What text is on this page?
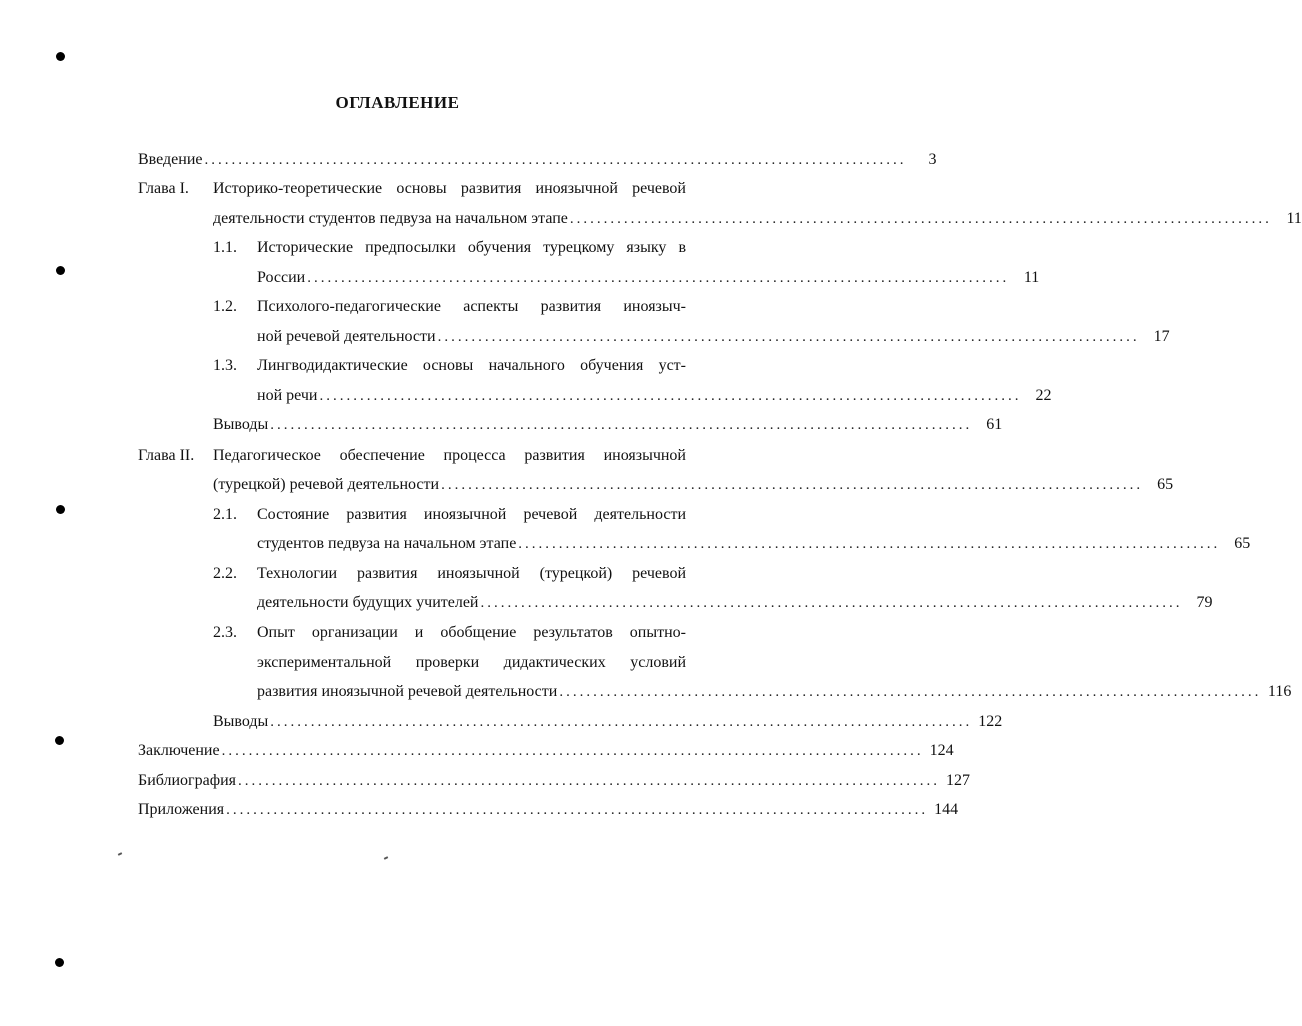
ОГЛАВЛЕНИЕ
Введение ........................................................................................................	3
Глава I.	Историко-теоретические основы развития иноязычной речевой
деятельности студентов педвуза на начальном этапе ........................................................................................................ 11
1.1.	Исторические предпосылки обучения турецкому языку в
России ........................................................................................................ 11
1.2.	Психолого-педагогические аспекты развития иноязыч-
ной речевой деятельности ........................................................................................................ 17
1.3.	Лингводидактические основы начального обучения уст-
ной речи ........................................................................................................ 22
Выводы ........................................................................................................ 61
Глава II.	Педагогическое обеспечение процесса развития иноязычной
(турецкой) речевой деятельности ........................................................................................................ 65
2.1.	Состояние развития иноязычной речевой деятельности
студентов педвуза на начальном этапе ........................................................................................................ 65
2.2.	Технологии развития иноязычной (турецкой) речевой
деятельности будущих учителей ........................................................................................................ 79
2.3.	Опыт организации и обобщение результатов опытно-
экспериментальной проверки дидактических условий
развития иноязычной речевой деятельности ........................................................................................................ 116
Выводы ........................................................................................................ 122
Заключение ........................................................................................................ 124
Библиография ........................................................................................................ 127
Приложения ........................................................................................................ 144
